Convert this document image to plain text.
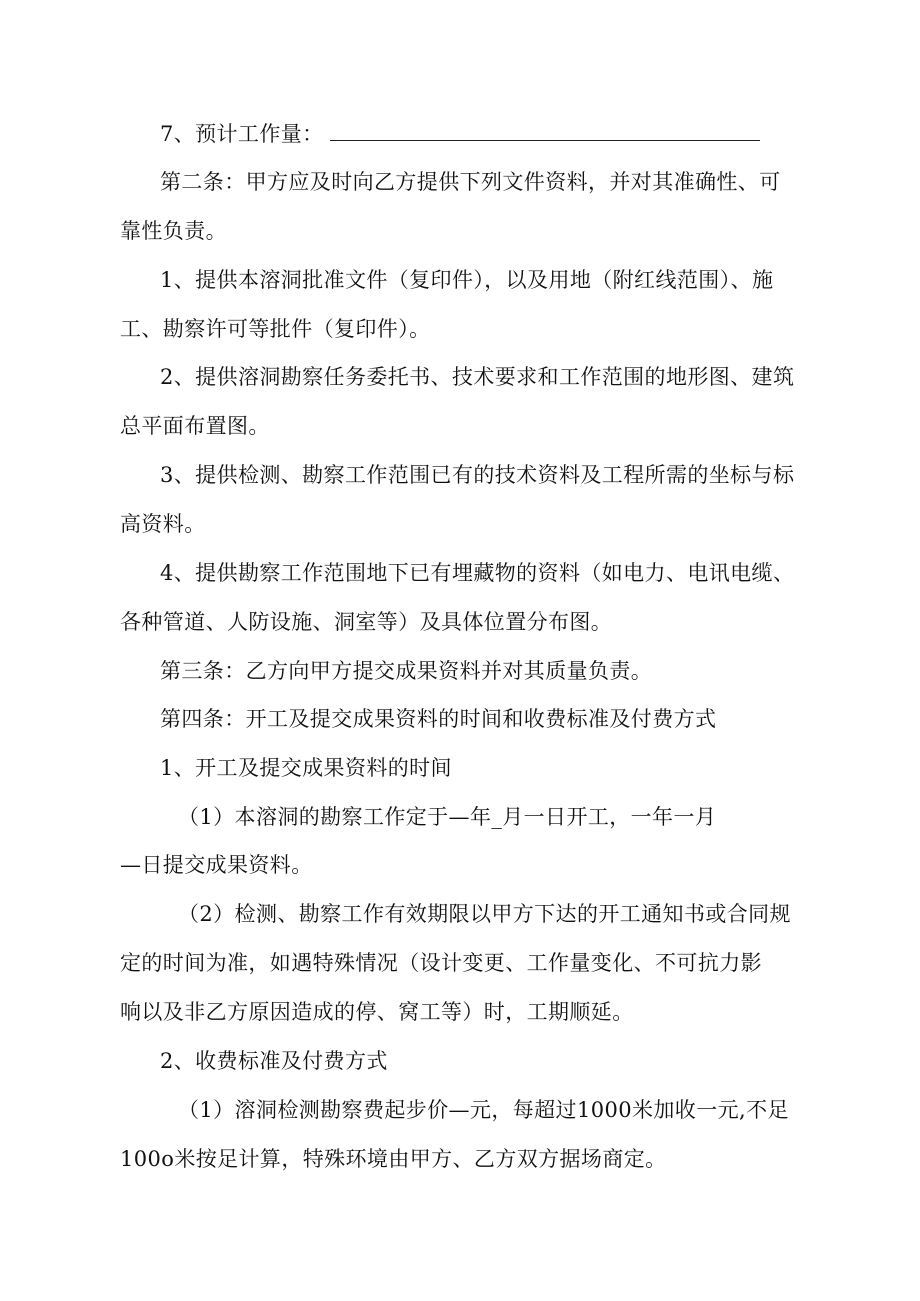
7、预计工作量：
第二条：甲方应及时向乙方提供下列文件资料，并对其准确性、可
靠性负责。
1、提供本溶洞批准文件（复印件），以及用地（附红线范围）、施
工、勘察许可等批件（复印件）。
2、提供溶洞勘察任务委托书、技术要求和工作范围的地形图、建筑
总平面布置图。
3、提供检测、勘察工作范围已有的技术资料及工程所需的坐标与标
高资料。
4、提供勘察工作范围地下已有埋藏物的资料（如电力、电讯电缆、
各种管道、人防设施、洞室等）及具体位置分布图。
第三条：乙方向甲方提交成果资料并对其质量负责。
第四条：开工及提交成果资料的时间和收费标准及付费方式
1、开工及提交成果资料的时间
（1）本溶洞的勘察工作定于—年_月一日开工，一年一月
—日提交成果资料。
（2）检测、勘察工作有效期限以甲方下达的开工通知书或合同规
定的时间为准，如遇特殊情况（设计变更、工作量变化、不可抗力影
响以及非乙方原因造成的停、窝工等）时，工期顺延。
2、收费标准及付费方式
（1）溶洞检测勘察费起步价—元，每超过1000米加收一元,不足
100o米按足计算，特殊环境由甲方、乙方双方据场商定。
